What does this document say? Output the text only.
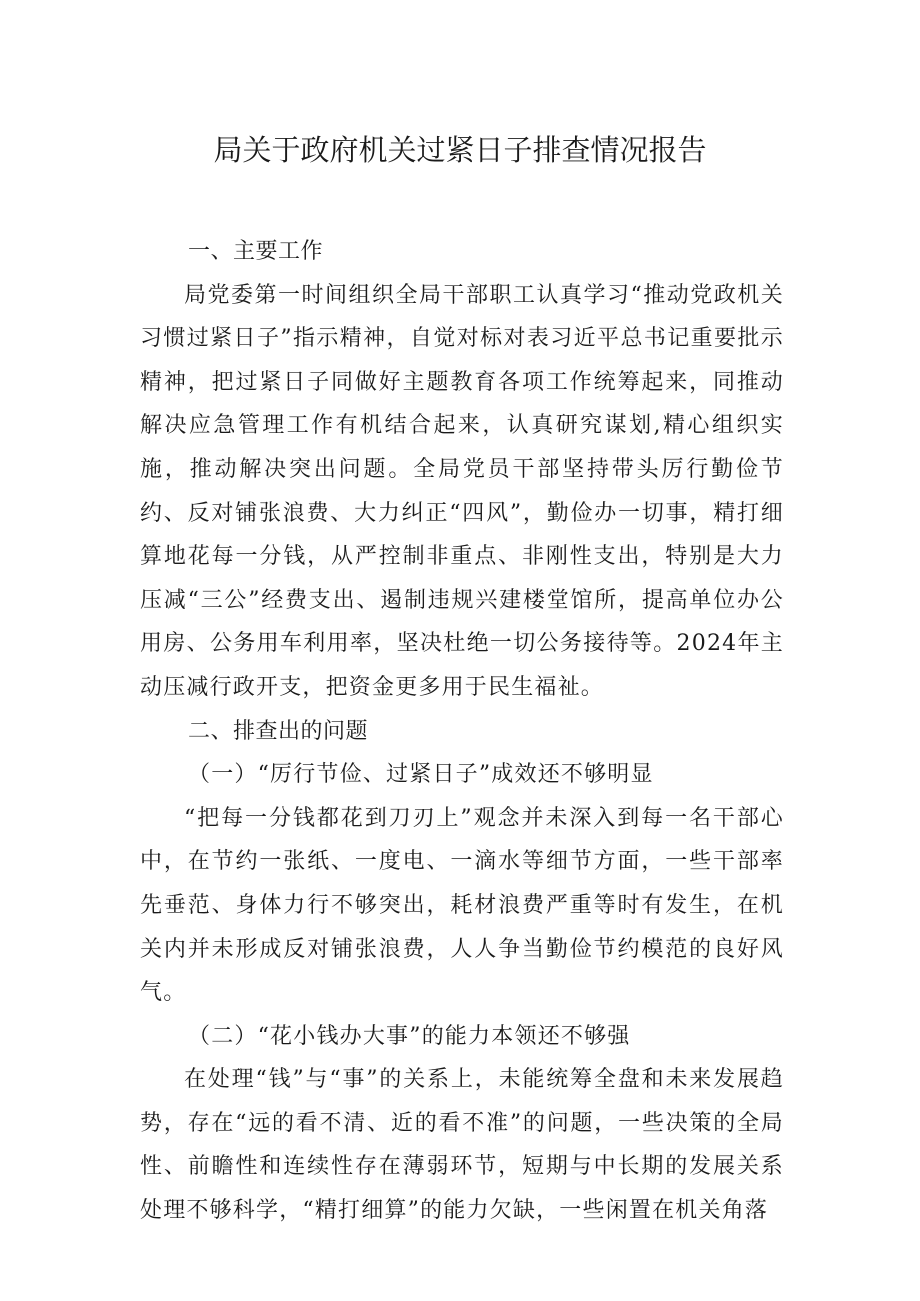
局关于政府机关过紧日子排查情况报告
一、主要工作

局党委第一时间组织全局干部职工认真学习“推动党政机关习惯过紧日子”指示精神，自觉对标对表习近平总书记重要批示精神，把过紧日子同做好主题教育各项工作统筹起来，同推动解决应急管理工作有机结合起来，认真研究谋划,精心组织实施，推动解决突出问题。全局党员干部坚持带头厉行勤俭节约、反对铺张浪费、大力纠正“四风”，勤俭办一切事，精打细算地花每一分钱，从严控制非重点、非刚性支出，特别是大力压减“三公”经费支出、遏制违规兴建楼堂馆所，提高单位办公用房、公务用车利用率，坚决杜绝一切公务接待等。2024年主动压减行政开支，把资金更多用于民生福祉。

二、排查出的问题

（一）“厉行节俭、过紧日子”成效还不够明显

“把每一分钱都花到刀刃上”观念并未深入到每一名干部心中，在节约一张纸、一度电、一滴水等细节方面，一些干部率先垂范、身体力行不够突出，耗材浪费严重等时有发生，在机关内并未形成反对铺张浪费，人人争当勤俭节约模范的良好风气。

（二）“花小钱办大事”的能力本领还不够强

在处理“钱”与“事”的关系上，未能统筹全盘和未来发展趋势，存在“远的看不清、近的看不准”的问题，一些决策的全局性、前瞻性和连续性存在薄弱环节，短期与中长期的发展关系处理不够科学，“精打细算”的能力欠缺，一些闲置在机关角落
